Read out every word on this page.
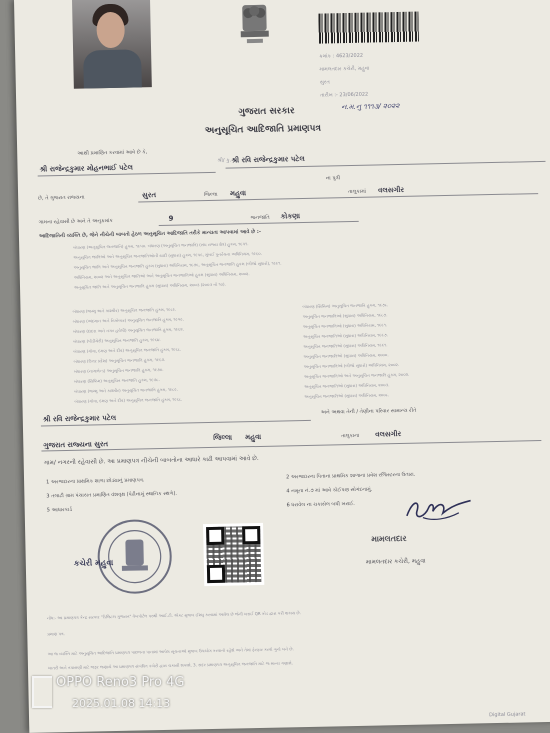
ક્રમાંક : 4623/2022
મામલતદાર કચેરી, મહુવા
સુરત
તારીખ :- 23/06/2022
ન.મ.નુ ૧૧૧૩/ ૨૦૨૨
ગુજરાત સરકાર
અનુસૂચિત આદિજાતિ પ્રમાણપત્ર
આથી પ્રમાણિત કરવામાં આવે છે કે,
શ્રી/ કુ.
શ્રી રાજેન્દ્રકુમાર મોહનભાઈ પટેલ
શ્રી રવિ રાજેન્દ્રકુમાર પટેલ
ના પુત્રી
છે, તે ગુજરાત રાજ્યના	સુરત	જિલ્લા મહુવા	તાલુકામાં વલસગીર
ગામના રહેવાસી છે અને તે અનુક્રમાંક	9	જનજાતિ કોકણા
આદિજાતિની વ્યક્તિ છે, જેને નીચેની બાબતો હેઠળ અનુસૂચિત આદિજાતિ તરીકે માન્યતા આપવામાં આવે છે :-
બંધારણ (અનુસૂચિત જનજાતિ) હુકમ, ૧૯૫૦. બંધારણ (અનુસૂચિત જનજાતિ) (સંઘ રાજ્ય ક્ષેત્ર) હુકમ, ૧૯૫૧.
અનુસૂચિત જાતિઓ અને અનુસૂચિત જનજાતિઓની યાદી (સુધારા) હુકમ, ૧૯૫૬, મુંબઈ પુનર્રચના અધિનિયમ, ૧૯૬૦.
અનુસૂચિત જાતિ અને અનુસૂચિત જનજાતિ હુકમ (સુધારા) અધિનિયમ, ૧૯૭૬, અનુસૂચિત જનજાતિ હુકમ (બીજો સુધારો), ૧૯૯૧.
અધિનિયમ, ૨૦૦૨ અને અનુસૂચિત જાતિઓ અને અનુસૂચિત જનજાતિઓ હુકમ (સુધારા) અધિનિયમ, ૨૦૦૨.
અનુસૂચિત જાતિ અને અનુસૂચિત જનજાતિ હુકમ (સુધારા) અધિનિયમ, ૨૦૦૩ (૨૦૦૩ નો ૧૦).
બંધારણ (જમ્મુ અને કાશ્મીર) અનુસૂચિત જનજાતિ હુકમ, ૧૯૮૯.
બંધારણ (અંદમાન અને નિકોબાર) અનુસૂચિત જનજાતિ હુકમ, ૧૯૫૯.
બંધારણ (દાદરા અને નગર હવેલી) અનુસૂચિત જનજાતિ હુકમ, ૧૯૬૨.
બંધારણ (પોંડીચેરી) અનુસૂચિત જનજાતિ હુકમ, ૧૯૬૪.
બંધારણ (ગોવા, દમણ અને દીવ) અનુસૂચિત જનજાતિ હુકમ, ૧૯૬૮.
બંધારણ (ઉત્તર પ્રદેશ) અનુસૂચિત જનજાતિ હુકમ, ૧૯૬૭.
બંધારણ (નાગાલેન્ડ) અનુસૂચિત જનજાતિ હુકમ, ૧૯૭૦.
બંધારણ (સિક્કિમ) અનુસૂચિત જનજાતિ હુકમ, ૧૯૭૮.
બંધારણ (જમ્મુ અને કાશ્મીર) અનુસૂચિત જનજાતિ હુકમ, ૧૯૮૯.
બંધારણ (ગોવા, દમણ અને દીવ) અનુસૂચિત જનજાતિ હુકમ, ૧૯૬૮.
બંધારણ (સિક્કિમ) અનુસૂચિત જનજાતિ હુકમ, ૧૯૭૮.
અનુસૂચિત જનજાતિઓ (સુધારા) અધિનિયમ, ૧૯૮૭.
અનુસૂચિત જનજાતિઓ (સુધારા) અધિનિયમ, ૧૯૯૧.
અનુસૂચિત જનજાતિઓ (સુધારા) અધિનિયમ, ૧૯૯૭.
અનુસૂચિત જનજાતિઓ (સુધારા) અધિનિયમ, ૧૯૯૧.
અનુસૂચિત જનજાતિઓ (સુધારા) અધિનિયમ, ૨૦૦૦.
અનુસૂચિત જનજાતિઓ (બીજો સુધારો) અધિનિયમ, ૨૦૦૨.
અનુસૂચિત જનજાતિઓ અને અનુસૂચિત જનજાતિ હુકમ, ૨૦૦૨.
અનુસૂચિત જનજાતિઓ (સુધારા) અધિનિયમ, ૨૦૦૩.
અનુસૂચિત જનજાતિઓ (સુધારા) અધિનિયમ, ૨૦૦૮.
શ્રી રવિ રાજેન્દ્રકુમાર પટેલ
અને અથવા તેની / તેણીના પરિવાર સામાન્ય રીતે
ગુજરાત રાજ્યના સુરત
જિલ્લા મહુવા	તાલુકાના વલસગીર
ગામ/ નગરની રહેવાસી છે. આ પ્રમાણપત્ર નીચેની બાબતોના આધારે કાઢી આપવામાં આવે છે.
1 અરજદારના પ્રાથમિક શાળા છોડ્યાનું પ્રમાણપત્ર.
3 તલાટી ગ્રામ પંચાયત પ્રમાણિત વંશવૃક્ષ (પેઢીનામું સ્થાનિક સ્થળે).
5 આધારકાર્ડ
2 અરજદારના પિતાના પ્રાથમિક શાળાના પ્રવેશ રજિસ્ટરના ઉતારા.
4 નમૂના નં.૭ માં આવે કોઈપણ સોગંદનામું.
6 ધરાવેલ ના ચકાસેલ બધી ખરાઈ.
કચેરી મહુવા
મામલતદાર
મામલતદાર કચેરી, મહુવા
નોંધ:- આ પ્રમાણપત્ર કેન્દ્ર સરકાર "ડિજિટલ ગુજરાત" વેબપોર્ટલ પરથી આઈ.ટી. એક્ટ મુજબ ઈશ્યુ કરવામાં આવેલ છે જેની ખરાઈ QR કોડ દ્વારા કરી શકાય છે.
પ્રમાણ પત્ર.
આ જ વ્યક્તિ માટે અનુસૂચિત આદિજાતિ પ્રમાણપત્ર પાછળના પાનામાં આપેલ સૂચનાઓ મુજબ ઉપયોગ કરવાનો રહેશે અને તેમાં ફેરફાર કરવો ગુનો બને છે.
ખાતરી અને તપાસણી માટે જરૂર જણાયે આ પ્રમાણપત્ર સંબંધિત કચેરી દ્વારા ચકાસી શકાશે. 3. સદર પ્રમાણપત્ર અનુસૂચિત જનજાતિ માટે જ માન્ય ગણાશે.
Digital Gujarat
OPPO Reno3 Pro 4G
2025.01.08 14:13
